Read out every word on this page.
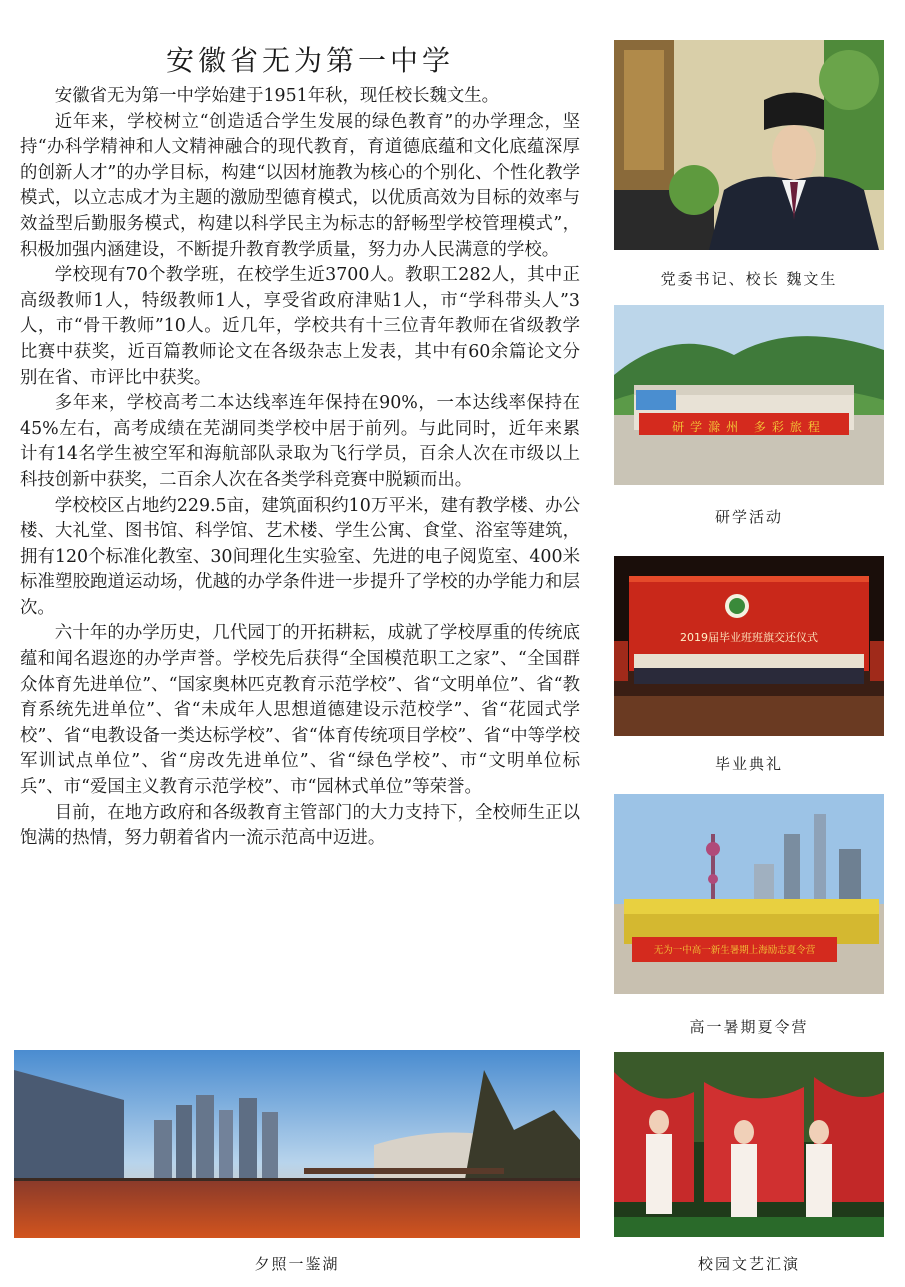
安徽省无为第一中学

安徽省无为第一中学始建于1951年秋，现任校长魏文生。

近年来，学校树立“创造适合学生发展的绿色教育”的办学理念，坚持“办科学精神和人文精神融合的现代教育，育道德底蕴和文化底蕴深厚的创新人才”的办学目标，构建“以因材施教为核心的个别化、个性化教学模式，以立志成才为主题的激励型德育模式，以优质高效为目标的效率与效益型后勤服务模式，构建以科学民主为标志的舒畅型学校管理模式”，积极加强内涵建设，不断提升教育教学质量，努力办人民满意的学校。

学校现有70个教学班，在校学生近3700人。教职工282人，其中正高级教师1人，特级教师1人，享受省政府津贴1人，市“学科带头人”3人，市“骨干教师”10人。近几年，学校共有十三位青年教师在省级教学比赛中获奖，近百篇教师论文在各级杂志上发表，其中有60余篇论文分别在省、市评比中获奖。

多年来，学校高考二本达线率连年保持在90%，一本达线率保持在45%左右，高考成绩在芜湖同类学校中居于前列。与此同时，近年来累计有14名学生被空军和海航部队录取为飞行学员，百余人次在市级以上科技创新中获奖，二百余人次在各类学科竞赛中脱颖而出。

学校校区占地约229.5亩，建筑面积约10万平米，建有教学楼、办公楼、大礼堂、图书馆、科学馆、艺术楼、学生公寓、食堂、浴室等建筑，拥有120个标准化教室、30间理化生实验室、先进的电子阅览室、400米标准塑胶跑道运动场，优越的办学条件进一步提升了学校的办学能力和层次。

六十年的办学历史，几代园丁的开拓耕耘，成就了学校厚重的传统底蕴和闻名遐迩的办学声誉。学校先后获得“全国模范职工之家”、“全国群众体育先进单位”、“国家奥林匹克教育示范学校”、省“文明单位”、省“教育系统先进单位”、省“未成年人思想道德建设示范校学”、省“花园式学校”、省“电教设备一类达标学校”、省“体育传统项目学校”、省“中等学校军训试点单位”、省“房改先进单位”、省“绿色学校”、市“文明单位标兵”、市“爱国主义教育示范学校”、市“园林式单位”等荣誉。

目前，在地方政府和各级教育主管部门的大力支持下，全校师生正以饱满的热情，努力朝着省内一流示范高中迈进。

党委书记、校长 魏文生
研学滁州 多彩旅程
研学活动
2019届毕业班班旗交还仪式
毕业典礼
无为一中高一新生暑期上海励志夏令营
高一暑期夏令营
校园文艺汇演
夕照一鉴湖
